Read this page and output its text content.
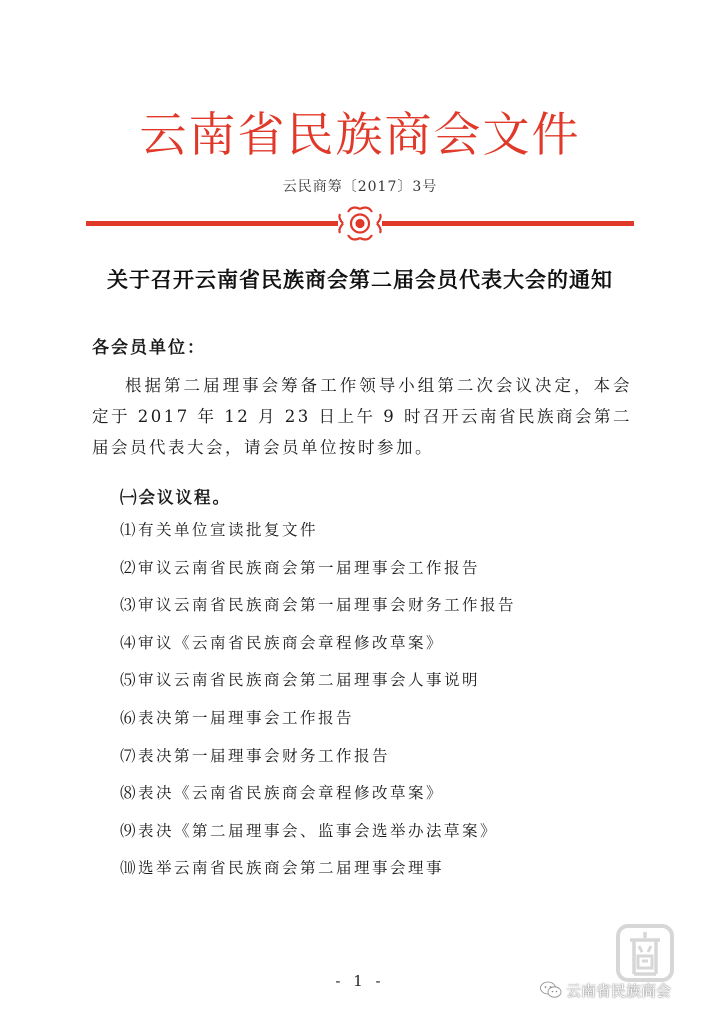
云南省民族商会文件
云民商筹〔2017〕3号
关于召开云南省民族商会第二届会员代表大会的通知
各会员单位：
根据第二届理事会筹备工作领导小组第二次会议决定，本会定于 2017 年 12 月 23 日上午 9 时召开云南省民族商会第二届会员代表大会，请会员单位按时参加。
㈠会议议程。
⑴有关单位宣读批复文件
⑵审议云南省民族商会第一届理事会工作报告
⑶审议云南省民族商会第一届理事会财务工作报告
⑷审议《云南省民族商会章程修改草案》
⑸审议云南省民族商会第二届理事会人事说明
⑹表决第一届理事会工作报告
⑺表决第一届理事会财务工作报告
⑻表决《云南省民族商会章程修改草案》
⑼表决《第二届理事会、监事会选举办法草案》
⑽选举云南省民族商会第二届理事会理事
- 1 -
云南省民族商会
